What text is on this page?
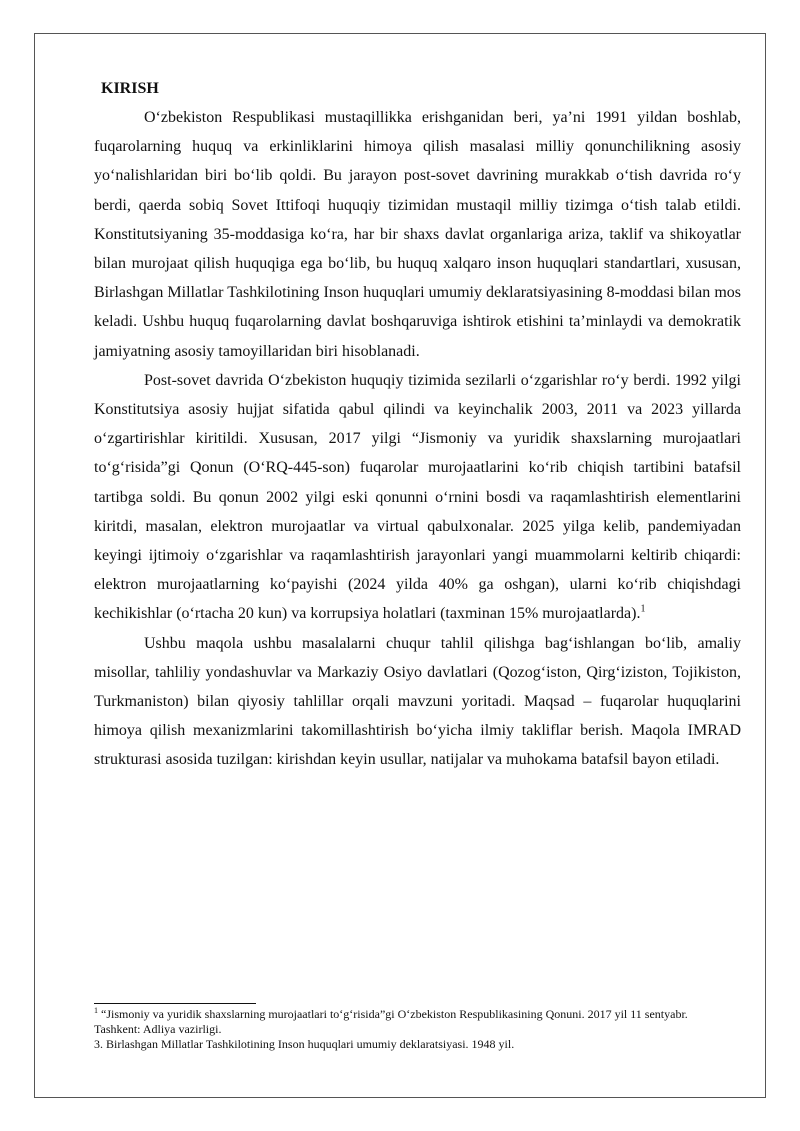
KIRISH

O‘zbekiston Respublikasi mustaqillikka erishganidan beri, ya’ni 1991 yildan boshlab, fuqarolarning huquq va erkinliklarini himoya qilish masalasi milliy qonunchilikning asosiy yo‘nalishlaridan biri bo‘lib qoldi. Bu jarayon post-sovet davrining murakkab o‘tish davrida ro‘y berdi, qaerda sobiq Sovet Ittifoqi huquqiy tizimidan mustaqil milliy tizimga o‘tish talab etildi. Konstitutsiyaning 35-moddasiga ko‘ra, har bir shaxs davlat organlariga ariza, taklif va shikoyatlar bilan murojaat qilish huquqiga ega bo‘lib, bu huquq xalqaro inson huquqlari standartlari, xususan, Birlashgan Millatlar Tashkilotining Inson huquqlari umumiy deklaratsiyasining 8-moddasi bilan mos keladi. Ushbu huquq fuqarolarning davlat boshqaruviga ishtirok etishini ta’minlaydi va demokratik jamiyatning asosiy tamoyillaridan biri hisoblanadi.

Post-sovet davrida O‘zbekiston huquqiy tizimida sezilarli o‘zgarishlar ro‘y berdi. 1992 yilgi Konstitutsiya asosiy hujjat sifatida qabul qilindi va keyinchalik 2003, 2011 va 2023 yillarda o‘zgartirishlar kiritildi. Xususan, 2017 yilgi “Jismoniy va yuridik shaxslarning murojaatlari to‘g‘risida”gi Qonun (O‘RQ-445-son) fuqarolar murojaatlarini ko‘rib chiqish tartibini batafsil tartibga soldi. Bu qonun 2002 yilgi eski qonunni o‘rnini bosdi va raqamlashtirish elementlarini kiritdi, masalan, elektron murojaatlar va virtual qabulxonalar. 2025 yilga kelib, pandemiyadan keyingi ijtimoiy o‘zgarishlar va raqamlashtirish jarayonlari yangi muammolarni keltirib chiqardi: elektron murojaatlarning ko‘payishi (2024 yilda 40% ga oshgan), ularni ko‘rib chiqishdagi kechikishlar (o‘rtacha 20 kun) va korrupsiya holatlari (taxminan 15% murojaatlarda).$^1$

Ushbu maqola ushbu masalalarni chuqur tahlil qilishga bag‘ishlangan bo‘lib, amaliy misollar, tahliliy yondashuvlar va Markaziy Osiyo davlatlari (Qozog‘iston, Qirg‘iziston, Tojikiston, Turkmaniston) bilan qiyosiy tahlillar orqali mavzuni yoritadi. Maqsad – fuqarolar huquqlarini himoya qilish mexanizmlarini takomillashtirish bo‘yicha ilmiy takliflar berish. Maqola IMRAD strukturasi asosida tuzilgan: kirishdan keyin usullar, natijalar va muhokama batafsil bayon etiladi.

$^1$ “Jismoniy va yuridik shaxslarning murojaatlari to‘g‘risida”gi O‘zbekiston Respublikasining Qonuni. 2017 yil 11 sentyabr. Tashkent: Adliya vazirligi.

3. Birlashgan Millatlar Tashkilotining Inson huquqlari umumiy deklaratsiyasi. 1948 yil.
